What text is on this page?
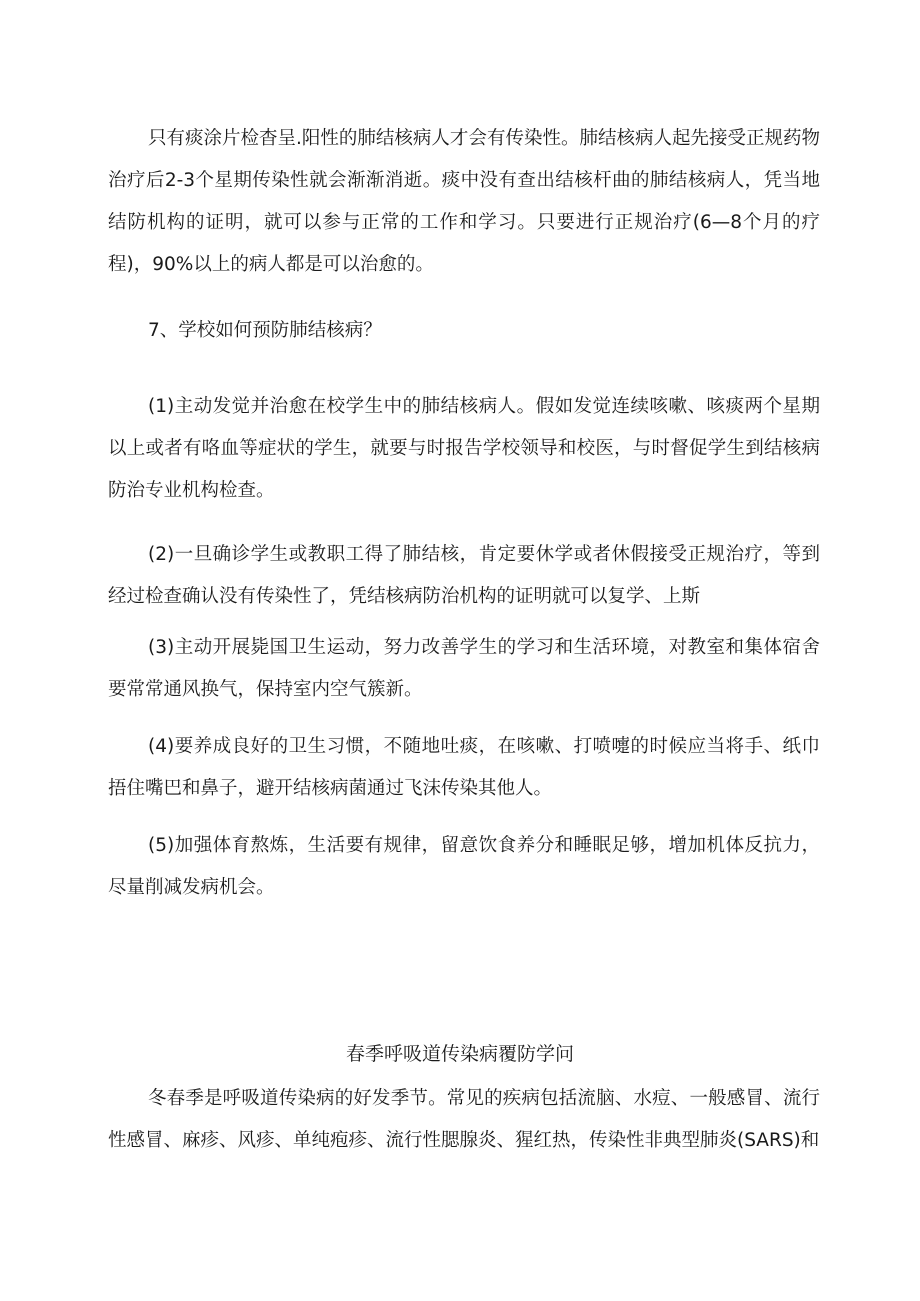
只有痰涂片检杳呈.阳性的肺结核病人才会有传染性。肺结核病人起先接受正规药物治疗后2-3个星期传染性就会渐渐消逝。痰中没有查出结核杆曲的肺结核病人，凭当地结防机构的证明，就可以参与正常的工作和学习。只要进行正规治疗(6—8个月的疗程)，90%以上的病人都是可以治愈的。

7、学校如何预防肺结核病？

(1)主动发觉并治愈在校学生中的肺结核病人。假如发觉连续咳嗽、咳痰两个星期以上或者有咯血等症状的学生，就要与时报告学校领导和校医，与时督促学生到结核病防治专业机构检查。

(2)一旦确诊学生或教职工得了肺结核，肯定要休学或者休假接受正规治疗，等到经过检查确认没有传染性了，凭结核病防治机构的证明就可以复学、上斯

(3)主动开展毙国卫生运动，努力改善学生的学习和生活环境，对教室和集体宿舍要常常通风换气，保持室内空气簇新。

(4)要养成良好的卫生习惯，不随地吐痰，在咳嗽、打喷嚏的时候应当将手、纸巾捂住嘴巴和鼻子，避开结核病菌通过飞沫传染其他人。

(5)加强体育熬炼，生活要有规律，留意饮食养分和睡眠足够，增加机体反抗力，尽量削减发病机会。

春季呼吸道传染病覆防学问

冬春季是呼吸道传染病的好发季节。常见的疾病包括流脑、水痘、一般感冒、流行性感冒、麻疹、风疹、单纯疱疹、流行性腮腺炎、猩红热，传染性非典型肺炎(SARS)和
